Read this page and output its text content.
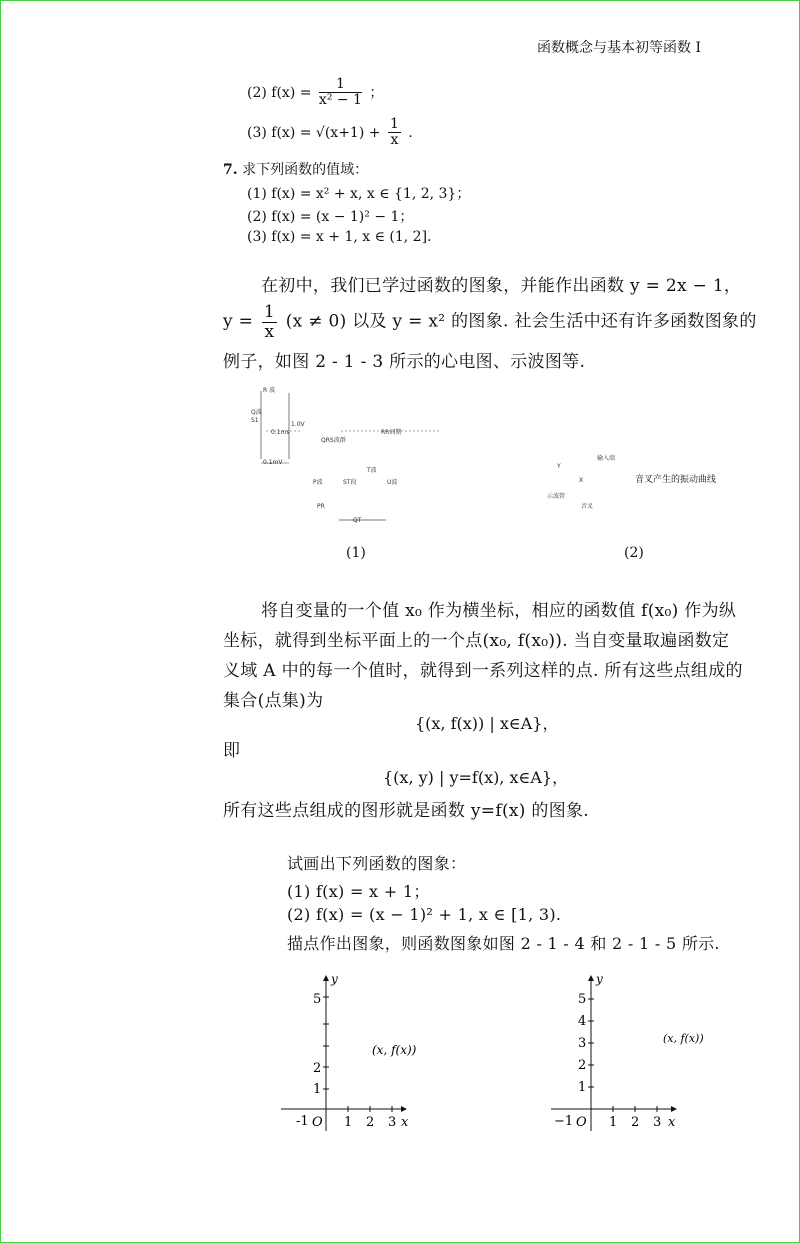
函数概念与基本初等函数 I
(2) $f(x) = \frac{1}{\text{x² − 1}}$ ；
(3) $f(x) = √(x+1) + \frac{1}{x}$ .
7. 求下列函数的值域：
(1) f(x) = x² + x, x ∈ {1, 2, 3}；
(2) f(x) = (x − 1)² − 1；
(3) f(x) = x + 1, x ∈ (1, 2].
在初中，我们已学过函数的图象，并能作出函数 y = 2x − 1，
$y = \frac{1}{x} (x \ne 0)$ 以及 y = x² 的图象. 社会生活中还有许多函数图象的
例子，如图 2 - 1 - 3 所示的心电图、示波图等.
R 波
Q波
S1
1.0V
0.1ms
QRS波群
RR间期
P波	ST段
T波
U波
PR
QT
0.1mV
输入端
Y
X
示波管
音叉
音叉产生的振动曲线
(1)	(2)
将自变量的一个值 x₀ 作为横坐标，相应的函数值 f(x₀) 作为纵
坐标，就得到坐标平面上的一个点(x₀, f(x₀)). 当自变量取遍函数定
义域 A 中的每一个值时，就得到一系列这样的点. 所有这些点组成的
集合(点集)为
{(x, f(x)) | x∈A}，
即
{(x, y) | y=f(x), x∈A}，
所有这些点组成的图形就是函数 y=f(x) 的图象.
试画出下列函数的图象：
(1) f(x) = x + 1；
(2) f(x) = (x − 1)² + 1, x ∈ [1, 3).
描点作出图象，则函数图象如图 2 - 1 - 4 和 2 - 1 - 5 所示.
-1	1 2 3
1
2
5
O	x
y
(x, f(x))
−1	1 2 3
1
2
3
4
5
O	x
y
(x, f(x))
